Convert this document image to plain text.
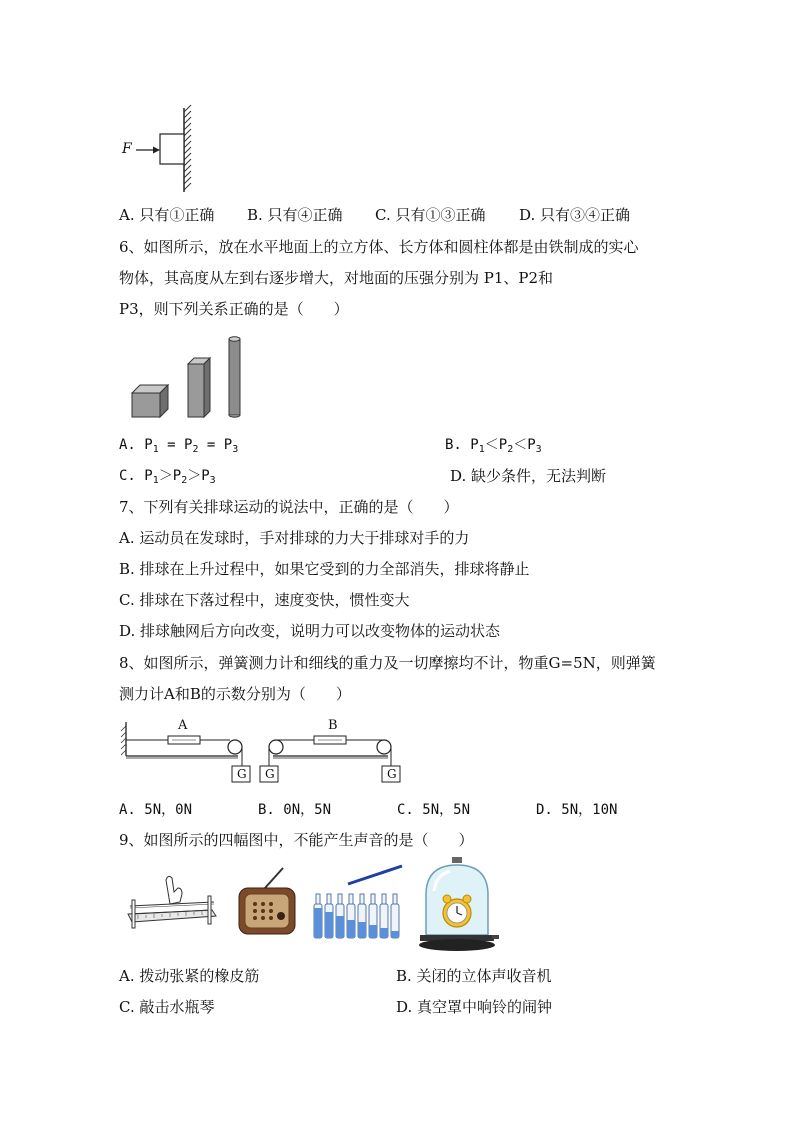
F
A. 只有①正确 B. 只有④正确 C. 只有①③正确 D. 只有③④正确
6、如图所示，放在水平地面上的立方体、长方体和圆柱体都是由铁制成的实心
物体，其高度从左到右逐步增大，对地面的压强分别为 P1、P2和
P3，则下列关系正确的是（　　）
A. $P_1 = P_2 = P_3$	B. $P_1<P_2<P_3$
C. $P_1>P_2>P_3$	D. 缺少条件，无法判断
7、下列有关排球运动的说法中，正确的是（　　）
A. 运动员在发球时，手对排球的力大于排球对手的力
B. 排球在上升过程中，如果它受到的力全部消失，排球将静止
C. 排球在下落过程中，速度变快，惯性变大
D. 排球触网后方向改变，说明力可以改变物体的运动状态
8、如图所示，弹簧测力计和细线的重力及一切摩擦均不计，物重G=5N，则弹簧
测力计A和B的示数分别为（　　）
A	B
G G	G
A. 5N，0N	B. 0N，5N	C. 5N，5N	D. 5N，10N
9、如图所示的四幅图中，不能产生声音的是（　　）
A. 拨动张紧的橡皮筋	B. 关闭的立体声收音机
C. 敲击水瓶琴	D. 真空罩中响铃的闹钟
